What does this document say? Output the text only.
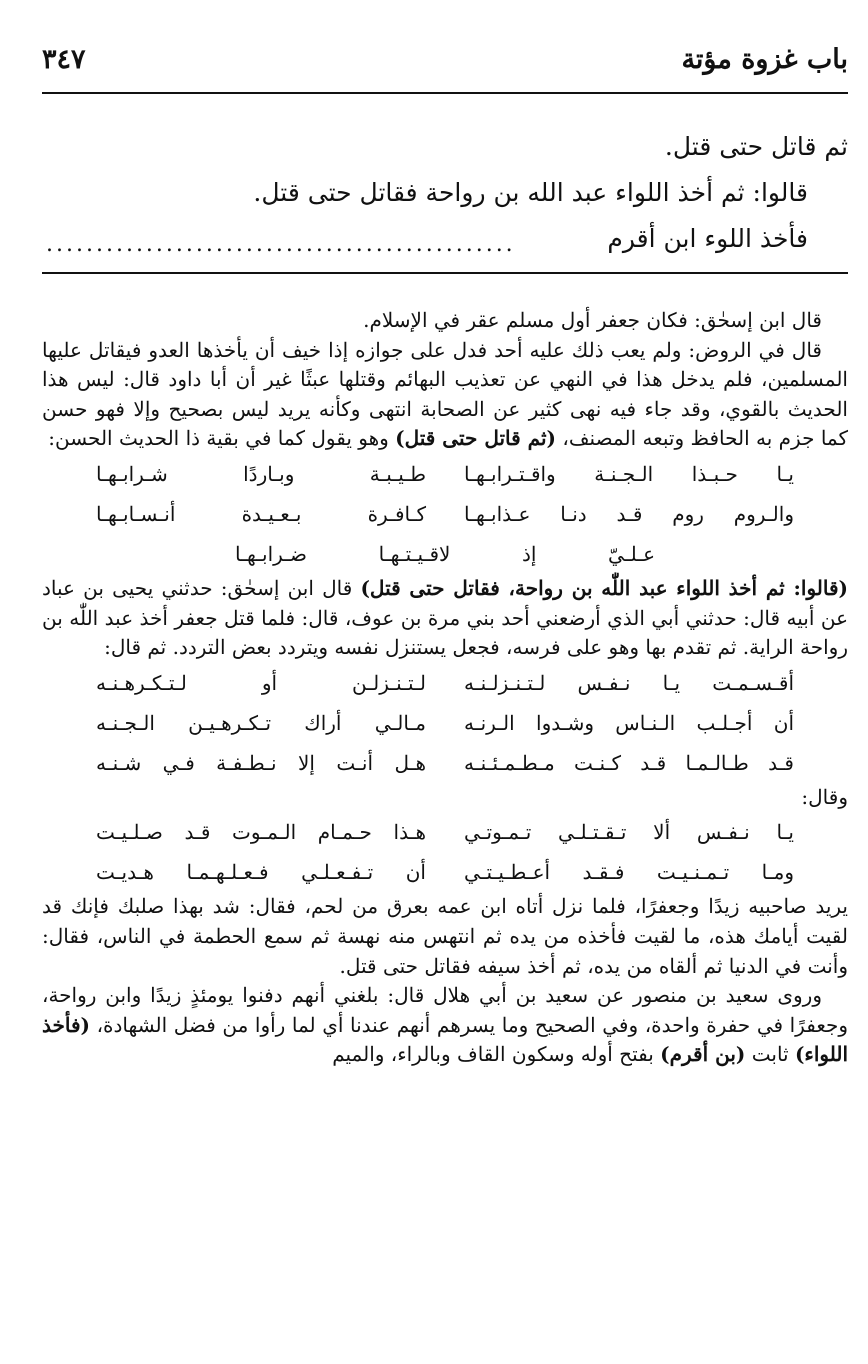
باب غزوة مؤتة
٣٤٧

ثم قاتل حتى قتل.

قالوا: ثم أخذ اللواء عبد الله بن رواحة فقاتل حتى قتل.

فأخذ اللوء ابن أقرم

...............................................

قال ابن إسحٰق: فكان جعفر أول مسلم عقر في الإسلام.

قال في الروض: ولم يعب ذلك عليه أحد فدل على جوازه إذا خيف أن يأخذها العدو فيقاتل عليها المسلمين، فلم يدخل هذا في النهي عن تعذيب البهائم وقتلها عبثًا غير أن أبا داود قال: ليس هذا الحديث بالقوي، وقد جاء فيه نهى كثير عن الصحابة انتهى وكأنه يريد ليس بصحيح وإلا فهو حسن كما جزم به الحافظ وتبعه المصنف، (ثم قاتل حتى قتل) وهو يقول كما في بقية ذا الحديث الحسن:

يـا حـبـذا الـجـنـة واقـتـرابـهـا
طـيـبـة وبـاردًا شـرابـهـا
والـروم روم قـد دنـا عـذابـهـا
كـافـرة بـعـيـدة أنـسـابـهـا
عـلـيّ إذ لاقـيـتـهـا ضـرابـهـا

(قالوا: ثم أخذ اللواء عبد اللّٰه بن رواحة، فقاتل حتى قتل) قال ابن إسحٰق: حدثني يحيى بن عباد عن أبيه قال: حدثني أبي الذي أرضعني أحد بني مرة بن عوف، قال: فلما قتل جعفر أخذ عبد اللّٰه بن رواحة الراية. ثم تقدم بها وهو على فرسه، فجعل يستنزل نفسه ويتردد بعض التردد. ثم قال:

أقـسـمـت يـا نـفـس لـتـنـزلـنـه
لـتـنـزلـن أو لـتـكـرهـنـه
أن أجـلـب الـنـاس وشـدوا الـرنـه
مـالـي أراك تـكـرهـيـن الـجـنـه
قـد طـالـمـا قـد كـنـت مـطـمـئـنـه
هـل أنـت إلا نـطـفـة فـي شـنـه

وقال:

يـا نـفـس ألا تـقـتـلـي تـمـوتـي
هـذا حـمـام الـمـوت قـد صـلـيـت
ومـا تـمـنـيـت فـقـد أعـطـيـتـي
أن تـفـعـلـي فـعـلـهـمـا هـديـت

يريد صاحبيه زيدًا وجعفرًا، فلما نزل أتاه ابن عمه بعرق من لحم، فقال: شد بهذا صلبك فإنك قد لقيت أيامك هذه، ما لقيت فأخذه من يده ثم انتهس منه نهسة ثم سمع الحطمة في الناس، فقال: وأنت في الدنيا ثم ألقاه من يده، ثم أخذ سيفه فقاتل حتى قتل.

وروى سعيد بن منصور عن سعيد بن أبي هلال قال: بلغني أنهم دفنوا يومئذٍ زيدًا وابن رواحة، وجعفرًا في حفرة واحدة، وفي الصحيح وما يسرهم أنهم عندنا أي لما رأوا من فضل الشهادة، (فأخذ اللواء) ثابت (بن أقرم) بفتح أوله وسكون القاف وبالراء، والميم
